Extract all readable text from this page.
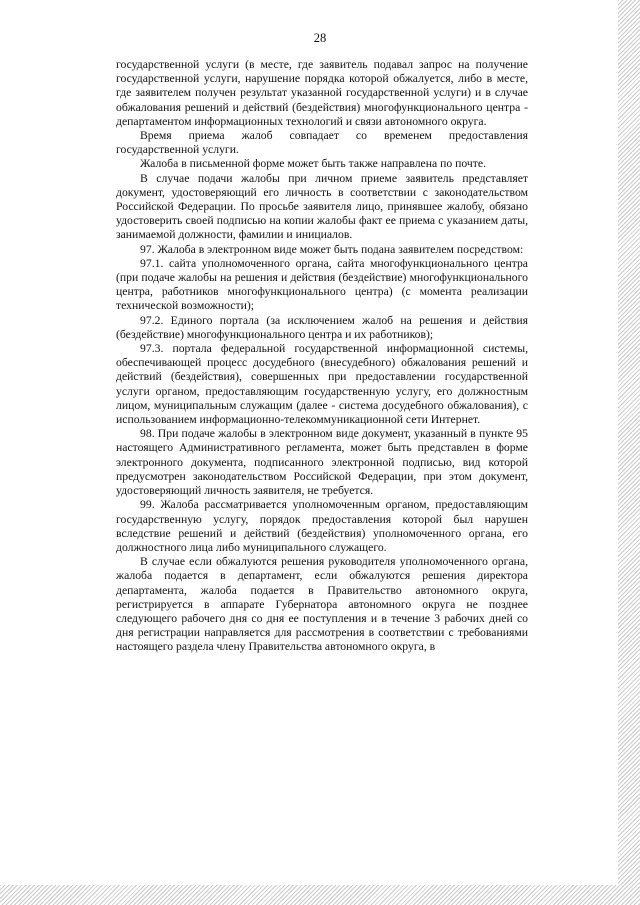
28

государственной услуги (в месте, где заявитель подавал запрос на получение государственной услуги, нарушение порядка которой обжалуется, либо в месте, где заявителем получен результат указанной государственной услуги) и в случае обжалования решений и действий (бездействия) многофункционального центра - департаментом информационных технологий и связи автономного округа.

Время приема жалоб совпадает со временем предоставления государственной услуги.

Жалоба в письменной форме может быть также направлена по почте.

В случае подачи жалобы при личном приеме заявитель представляет документ, удостоверяющий его личность в соответствии с законодательством Российской Федерации. По просьбе заявителя лицо, принявшее жалобу, обязано удостоверить своей подписью на копии жалобы факт ее приема с указанием даты, занимаемой должности, фамилии и инициалов.

97. Жалоба в электронном виде может быть подана заявителем посредством:

97.1. сайта уполномоченного органа, сайта многофункционального центра (при подаче жалобы на решения и действия (бездействие) многофункционального центра, работников многофункционального центра) (с момента реализации технической возможности);

97.2. Единого портала (за исключением жалоб на решения и действия (бездействие) многофункционального центра и их работников);

97.3. портала федеральной государственной информационной системы, обеспечивающей процесс досудебного (внесудебного) обжалования решений и действий (бездействия), совершенных при предоставлении государственной услуги органом, предоставляющим государственную услугу, его должностным лицом, муниципальным служащим (далее - система досудебного обжалования), с использованием информационно-телекоммуникационной сети Интернет.

98. При подаче жалобы в электронном виде документ, указанный в пункте 95 настоящего Административного регламента, может быть представлен в форме электронного документа, подписанного электронной подписью, вид которой предусмотрен законодательством Российской Федерации, при этом документ, удостоверяющий личность заявителя, не требуется.

99. Жалоба рассматривается уполномоченным органом, предоставляющим государственную услугу, порядок предоставления которой был нарушен вследствие решений и действий (бездействия) уполномоченного органа, его должностного лица либо муниципального служащего.

В случае если обжалуются решения руководителя уполномоченного органа, жалоба подается в департамент, если обжалуются решения директора департамента, жалоба подается в Правительство автономного округа, регистрируется в аппарате Губернатора автономного округа не позднее следующего рабочего дня со дня ее поступления и в течение 3 рабочих дней со дня регистрации направляется для рассмотрения в соответствии с требованиями настоящего раздела члену Правительства автономного округа, в
